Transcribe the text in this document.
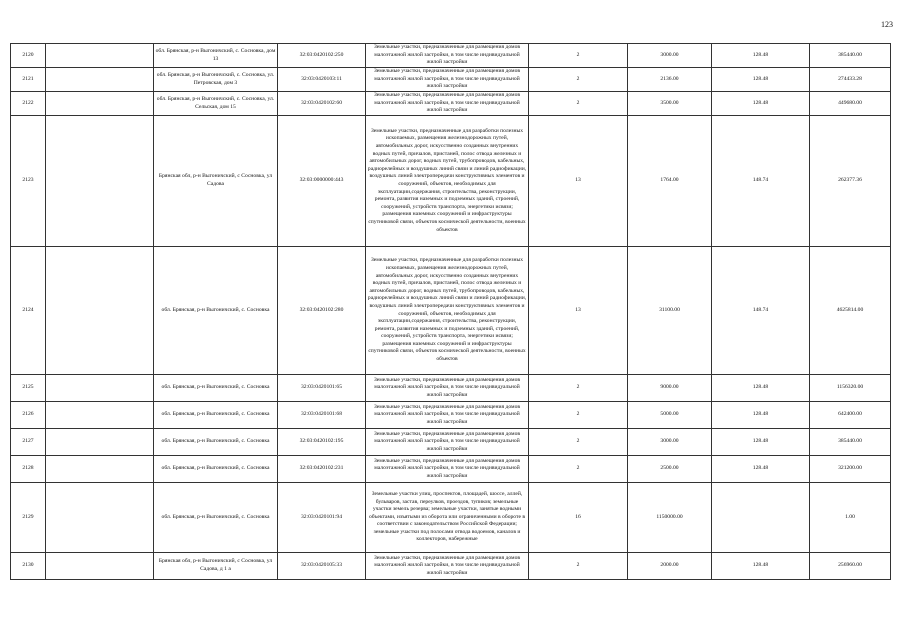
123
2120		обл. Брянская, р-н Выгоничский, с. Сосновка, дом 13	32:03:0420102:250	Земельные участки, предназначенные для размещения домов малоэтажной жилой застройки, в том числе индивидуальной жилой застройки	2	3000.00	128.48	385440.00
2121		обл. Брянская, р-н Выгоничский, с. Сосновка, ул. Петровская, дом 3	32:03:0420103:11	Земельные участки, предназначенные для размещения домов малоэтажной жилой застройки, в том числе индивидуальной жилой застройки	2	2136.00	128.48	274433.28
2122		обл. Брянская, р-н Выгоничский, с. Сосновка, ул. Сельская, дом 15	32:03:0420102:60	Земельные участки, предназначенные для размещения домов малоэтажной жилой застройки, в том числе индивидуальной жилой застройки	2	3500.00	128.48	449680.00
2123		Брянская обл, р-н Выгоничский, с Сосновка, ул Садова	32:03:0000000:443	Земельные участки, предназначенные для разработки полезных ископаемых, размещения железнодорожных путей, автомобильных дорог, искусственно созданных внутренних водных путей, причалов, пристаней, полос отвода железных и автомобильных дорог, водных путей, трубопроводов, кабельных, радиорелейных и воздушных линий связи и линий радиофикации, воздушных линий электропередачи конструктивных элементов и сооружений, объектов, необходимых для эксплуатации,содержания, строительства, реконструкции, ремонта, развития наземных и подземных зданий, строений, сооружений, устройств транспорта, энергетики иcвязи; размещения наземных сооружений и инфраструктуры спутниковой связи, объектов космической деятельности, военных объектов	13	1764.00	148.74	262377.36
2124		обл. Брянская, р-н Выгоничский, с. Сосновка	32:03:0420102:280	Земельные участки, предназначенные для разработки полезных ископаемых, размещения железнодорожных путей, автомобильных дорог, искусственно созданных внутренних водных путей, причалов, пристаней, полос отвода железных и автомобильных дорог, водных путей, трубопроводов, кабельных, радиорелейных и воздушных линий связи и линий радиофикации, воздушных линий электропередачи конструктивных элементов и сооружений, объектов, необходимых для эксплуатации,содержания, строительства, реконструкции, ремонта, развития наземных и подземных зданий, строений, сооружений, устройств транспорта, энергетики иcвязи; размещения наземных сооружений и инфраструктуры спутниковой связи, объектов космической деятельности, военных объектов	13	31100.00	148.74	4625814.00
2125		обл. Брянская, р-н Выгоничский, с. Сосновка	32:03:0420101:65	Земельные участки, предназначенные для размещения домов малоэтажной жилой застройки, в том числе индивидуальной жилой застройки	2	9000.00	128.48	1156320.00
2126		обл. Брянская, р-н Выгоничский, с. Сосновка	32:03:0420101:68	Земельные участки, предназначенные для размещения домов малоэтажной жилой застройки, в том числе индивидуальной жилой застройки	2	5000.00	128.48	642400.00
2127		обл. Брянская, р-н Выгоничский, с. Сосновка	32:03:0420102:195	Земельные участки, предназначенные для размещения домов малоэтажной жилой застройки, в том числе индивидуальной жилой застройки	2	3000.00	128.48	385440.00
2128		обл. Брянская, р-н Выгоничский, с. Сосновка	32:03:0420102:231	Земельные участки, предназначенные для размещения домов малоэтажной жилой застройки, в том числе индивидуальной жилой застройки	2	2500.00	128.48	321200.00
2129		обл. Брянская, р-н Выгоничский, с. Сосновка	32:03:0420101:94	Земельные участки улиц, проспектов, площадей, шоссе, аллей, бульваров, застав, переулков, проездов, тупиков; земельные участки земель резерва; земельные участки, занятые водными объектами, изъятыми из оборота или ограниченными в обороте в соответствии с законодательством Российской Федерации; земельные участки под полосами отвода водоемов, каналов и коллекторов, набережные	16	1150000.00		1.00
2130		Брянская обл, р-н Выгоничский, с Сосновка, ул Садова, д 1 а	32:03:0420105:33	Земельные участки, предназначенные для размещения домов малоэтажной жилой застройки, в том числе индивидуальной жилой застройки	2	2000.00	128.48	256960.00
